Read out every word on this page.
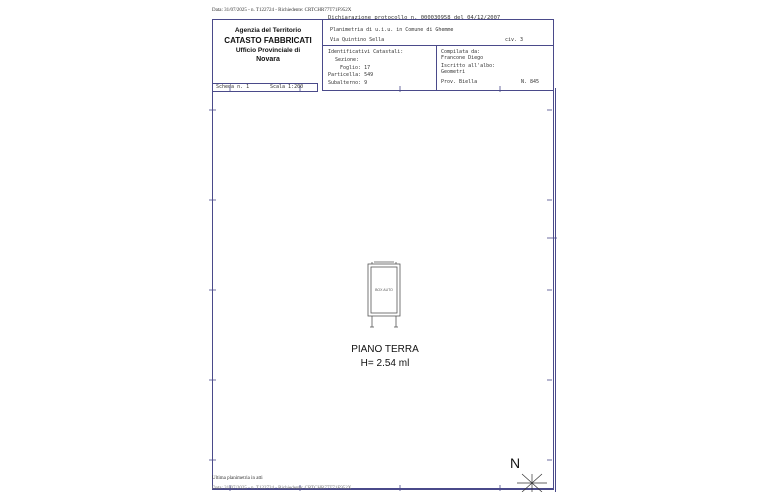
Data: 31/07/2025 - n. T122724 - Richiedente: CRTCHR77T71F952X
Agenzia del Territorio
CATASTO FABBRICATI
Ufficio Provinciale di
Novara
Dichiarazione protocollo n. 000030958 del 04/12/2007
Planimetria di u.i.u. in Comune di Ghemme
Via Quintino Sella	civ. 3
Identificativi Catastali:
Sezione:
Foglio: 17
Particella: 549
Subalterno: 9
Compilata da:
Francone Diego
Iscritto all'albo:
Geometri
Prov. Biella	N. 845
Scheda n. 1	Scala 1:200
BOX AUTO
PIANO TERRA
H= 2.54 ml
N
Ultima planimetria in atti
Data: 31/07/2025 - n. T122724 - Richiedente: CRTCHR77T71F952X
